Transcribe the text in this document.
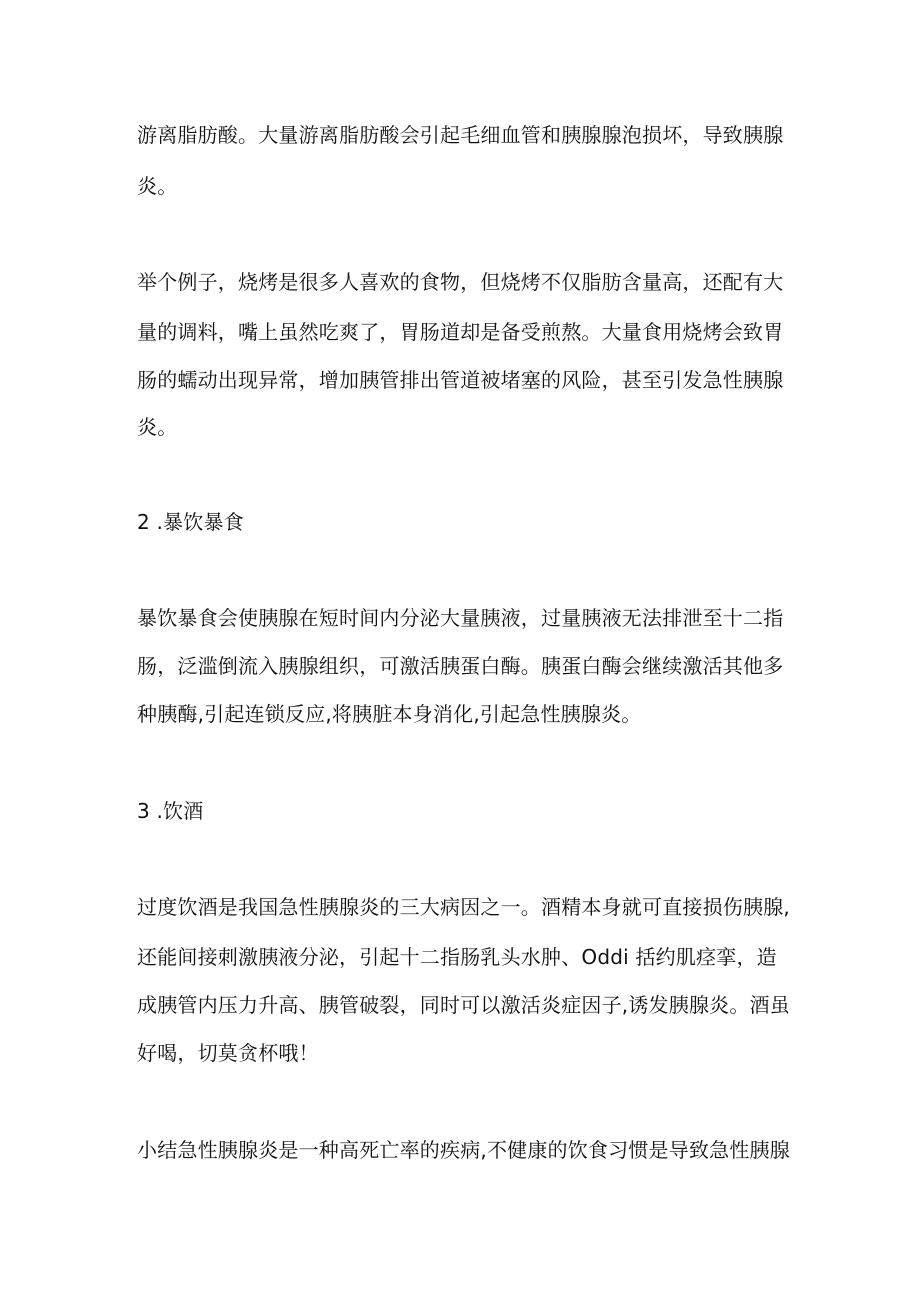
游离脂肪酸。大量游离脂肪酸会引起毛细血管和胰腺腺泡损坏，导致胰腺
炎。
举个例子，烧烤是很多人喜欢的食物，但烧烤不仅脂肪含量高，还配有大
量的调料，嘴上虽然吃爽了，胃肠道却是备受煎熬。大量食用烧烤会致胃
肠的蠕动出现异常，增加胰管排出管道被堵塞的风险，甚至引发急性胰腺
炎。
2 .暴饮暴食
暴饮暴食会使胰腺在短时间内分泌大量胰液，过量胰液无法排泄至十二指
肠，泛滥倒流入胰腺组织，可激活胰蛋白酶。胰蛋白酶会继续激活其他多
种胰酶,引起连锁反应,将胰脏本身消化,引起急性胰腺炎。
3 .饮酒
过度饮酒是我国急性胰腺炎的三大病因之一。酒精本身就可直接损伤胰腺,
还能间接刺激胰液分泌，引起十二指肠乳头水肿、Oddi 括约肌痉挛，造
成胰管内压力升高、胰管破裂，同时可以激活炎症因子,诱发胰腺炎。酒虽
好喝，切莫贪杯哦！
小结急性胰腺炎是一种高死亡率的疾病,不健康的饮食习惯是导致急性胰腺
